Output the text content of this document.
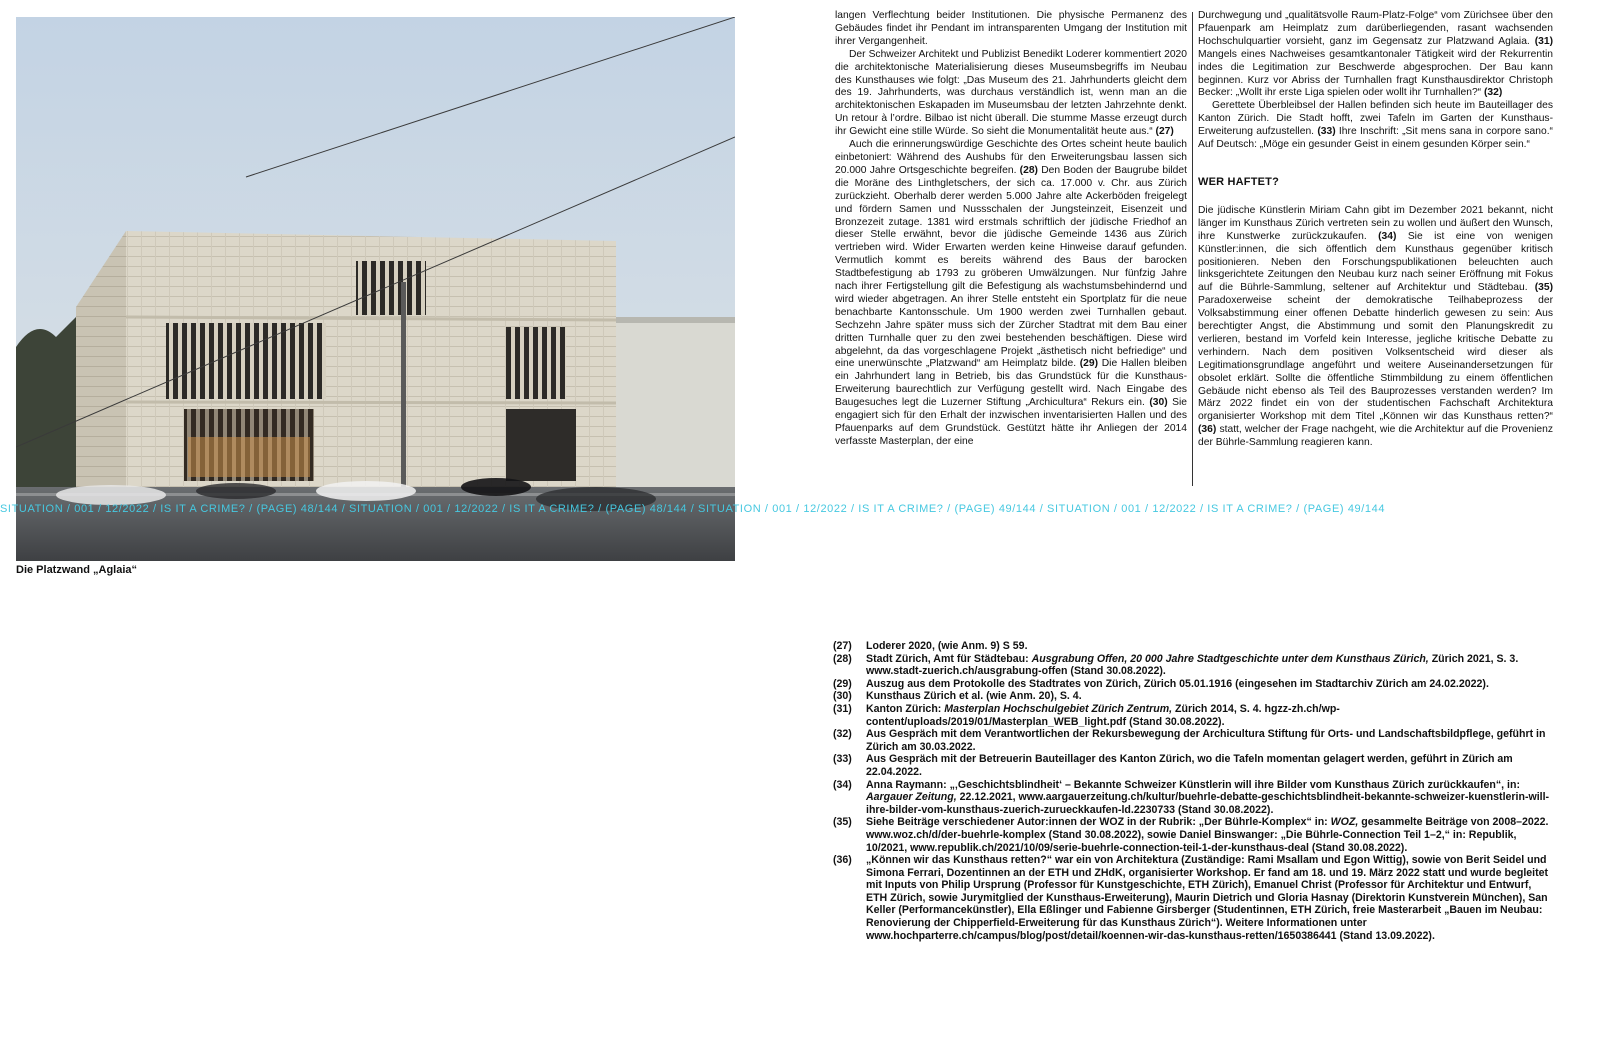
Die Platzwand „Aglaia“

langen Verflechtung beider Institutionen. Die physische Permanenz des Gebäudes findet ihr Pendant im intransparenten Umgang der Institution mit ihrer Vergangenheit.

Der Schweizer Architekt und Publizist Benedikt Loderer kommentiert 2020 die architektonische Materialisierung dieses Museumsbegriffs im Neubau des Kunsthauses wie folgt: „Das Museum des 21. Jahrhunderts gleicht dem des 19. Jahrhunderts, was durchaus verständlich ist, wenn man an die architektonischen Eskapaden im Museumsbau der letzten Jahrzehnte denkt. Un retour à l’ordre. Bilbao ist nicht überall. Die stumme Masse erzeugt durch ihr Gewicht eine stille Würde. So sieht die Monumentalität heute aus.“ (27)

Auch die erinnerungswürdige Geschichte des Ortes scheint heute baulich einbetoniert: Während des Aushubs für den Erweiterungsbau lassen sich 20.000 Jahre Ortsgeschichte begreifen. (28) Den Boden der Baugrube bildet die Moräne des Linthgletschers, der sich ca. 17.000 v. Chr. aus Zürich zurückzieht. Oberhalb derer werden 5.000 Jahre alte Ackerböden freigelegt und fördern Samen und Nussschalen der Jungsteinzeit, Eisenzeit und Bronzezeit zutage. 1381 wird erstmals schriftlich der jüdische Friedhof an dieser Stelle erwähnt, bevor die jüdische Gemeinde 1436 aus Zürich vertrieben wird. Wider Erwarten werden keine Hinweise darauf gefunden. Vermutlich kommt es bereits während des Baus der barocken Stadtbefestigung ab 1793 zu gröberen Umwälzungen. Nur fünfzig Jahre nach ihrer Fertigstellung gilt die Befestigung als wachstumsbehindernd und wird wieder abgetragen. An ihrer Stelle entsteht ein Sportplatz für die neue benachbarte Kantonsschule. Um 1900 werden zwei Turnhallen gebaut. Sechzehn Jahre später muss sich der Zürcher Stadtrat mit dem Bau einer dritten Turnhalle quer zu den zwei bestehenden beschäftigen. Diese wird abgelehnt, da das vorgeschlagene Projekt „ästhetisch nicht befriedige“ und eine unerwünschte „Platzwand“ am Heimplatz bilde. (29) Die Hallen bleiben ein Jahrhundert lang in Betrieb, bis das Grundstück für die Kunsthaus-Erweiterung baurechtlich zur Verfügung gestellt wird. Nach Eingabe des Baugesuches legt die Luzerner Stiftung „Archicultura“ Rekurs ein. (30) Sie engagiert sich für den Erhalt der inzwischen inventarisierten Hallen und des Pfauenparks auf dem Grundstück. Gestützt hätte ihr Anliegen der 2014 verfasste Masterplan, der eine

Durchwegung und „qualitätsvolle Raum-Platz-Folge“ vom Zürichsee über den Pfauenpark am Heimplatz zum darüberliegenden, rasant wachsenden Hochschulquartier vorsieht, ganz im Gegensatz zur Platzwand Aglaia. (31) Mangels eines Nachweises gesamtkantonaler Tätigkeit wird der Rekurrentin indes die Legitimation zur Beschwerde abgesprochen. Der Bau kann beginnen. Kurz vor Abriss der Turnhallen fragt Kunsthausdirektor Christoph Becker: „Wollt ihr erste Liga spielen oder wollt ihr Turnhallen?“ (32)

Gerettete Überbleibsel der Hallen befinden sich heute im Bauteillager des Kanton Zürich. Die Stadt hofft, zwei Tafeln im Garten der Kunsthaus-Erweiterung aufzustellen. (33) Ihre Inschrift: „Sit mens sana in corpore sano.“ Auf Deutsch: „Möge ein gesunder Geist in einem gesunden Körper sein.“

WER HAFTET?

Die jüdische Künstlerin Miriam Cahn gibt im Dezember 2021 bekannt, nicht länger im Kunsthaus Zürich vertreten sein zu wollen und äußert den Wunsch, ihre Kunstwerke zurückzukaufen. (34) Sie ist eine von wenigen Künstler:innen, die sich öffentlich dem Kunsthaus gegenüber kritisch positionieren. Neben den Forschungspublikationen beleuchten auch linksgerichtete Zeitungen den Neubau kurz nach seiner Eröffnung mit Fokus auf die Bührle-Sammlung, seltener auf Architektur und Städtebau. (35) Paradoxerweise scheint der demokratische Teilhabeprozess der Volksabstimmung einer offenen Debatte hinderlich gewesen zu sein: Aus berechtigter Angst, die Abstimmung und somit den Planungskredit zu verlieren, bestand im Vorfeld kein Interesse, jegliche kritische Debatte zu verhindern. Nach dem positiven Volksentscheid wird dieser als Legitimationsgrundlage angeführt und weitere Auseinandersetzungen für obsolet erklärt. Sollte die öffentliche Stimmbildung zu einem öffentlichen Gebäude nicht ebenso als Teil des Bauprozesses verstanden werden? Im März 2022 findet ein von der studentischen Fachschaft Architektura organisierter Workshop mit dem Titel „Können wir das Kunsthaus retten?“ (36) statt, welcher der Frage nachgeht, wie die Architektur auf die Provenienz der Bührle-Sammlung reagieren kann.

SITUATION / 001 / 12/2022 / IS IT A CRIME? / (PAGE) 48/144 / SITUATION / 001 / 12/2022 / IS IT A CRIME? / (PAGE) 48/144 / SITUATION / 001 / 12/2022 / IS IT A CRIME? / (PAGE) 49/144 / SITUATION / 001 / 12/2022 / IS IT A CRIME? / (PAGE) 49/144
(27)	Loderer 2020, (wie Anm. 9) S 59.
(28)	Stadt Zürich, Amt für Städtebau: Ausgrabung Offen, 20 000 Jahre Stadtgeschichte unter dem Kunsthaus Zürich, Zürich 2021, S. 3. www.stadt-zuerich.ch/ausgrabung-offen (Stand 30.08.2022).
(29)	Auszug aus dem Protokolle des Stadtrates von Zürich, Zürich 05.01.1916 (eingesehen im Stadtarchiv Zürich am 24.02.2022).
(30)	Kunsthaus Zürich et al. (wie Anm. 20), S. 4.
(31)	Kanton Zürich: Masterplan Hochschulgebiet Zürich Zentrum, Zürich 2014, S. 4. hgzz-zh.ch/wp-content/uploads/2019/01/Masterplan_WEB_light.pdf (Stand 30.08.2022).
(32)	Aus Gespräch mit dem Verantwortlichen der Rekursbewegung der Archicultura Stiftung für Orts- und Landschaftsbildpflege, geführt in Zürich am 30.03.2022.
(33)	Aus Gespräch mit der Betreuerin Bauteillager des Kanton Zürich, wo die Tafeln momentan gelagert werden, geführt in Zürich am 22.04.2022.
(34)	Anna Raymann: „‚Geschichtsblindheit‘ – Bekannte Schweizer Künstlerin will ihre Bilder vom Kunsthaus Zürich zurückkaufen“, in: Aargauer Zeitung, 22.12.2021, www.aargauerzeitung.ch/kultur/buehrle-debatte-geschichtsblindheit-bekannte-schweizer-kuenstlerin-will-ihre-bilder-vom-kunsthaus-zuerich-zurueckkaufen-ld.2230733 (Stand 30.08.2022).
(35)	Siehe Beiträge verschiedener Autor:innen der WOZ in der Rubrik: „Der Bührle-Komplex“ in: WOZ, gesammelte Beiträge von 2008–2022. www.woz.ch/d/der-buehrle-komplex (Stand 30.08.2022), sowie Daniel Binswanger: „Die Bührle-Connection Teil 1–2,“ in: Republik, 10/2021, www.republik.ch/2021/10/09/serie-buehrle-connection-teil-1-der-kunsthaus-deal (Stand 30.08.2022).
(36)	„Können wir das Kunsthaus retten?“ war ein von Architektura (Zuständige: Rami Msallam und Egon Wittig), sowie von Berit Seidel und Simona Ferrari, Dozentinnen an der ETH und ZHdK, organisierter Workshop. Er fand am 18. und 19. März 2022 statt und wurde begleitet mit Inputs von Philip Ursprung (Professor für Kunstgeschichte, ETH Zürich), Emanuel Christ (Professor für Architektur und Entwurf, ETH Zürich, sowie Jurymitglied der Kunsthaus-Erweiterung), Maurin Dietrich und Gloria Hasnay (Direktorin Kunstverein München), San Keller (Performancekünstler), Ella Eßlinger und Fabienne Girsberger (Studentinnen, ETH Zürich, freie Masterarbeit „Bauen im Neubau: Renovierung der Chipperfield-Erweiterung für das Kunsthaus Zürich“). Weitere Informationen unter www.hochparterre.ch/campus/blog/post/detail/koennen-wir-das-kunsthaus-retten/1650386441 (Stand 13.09.2022).
